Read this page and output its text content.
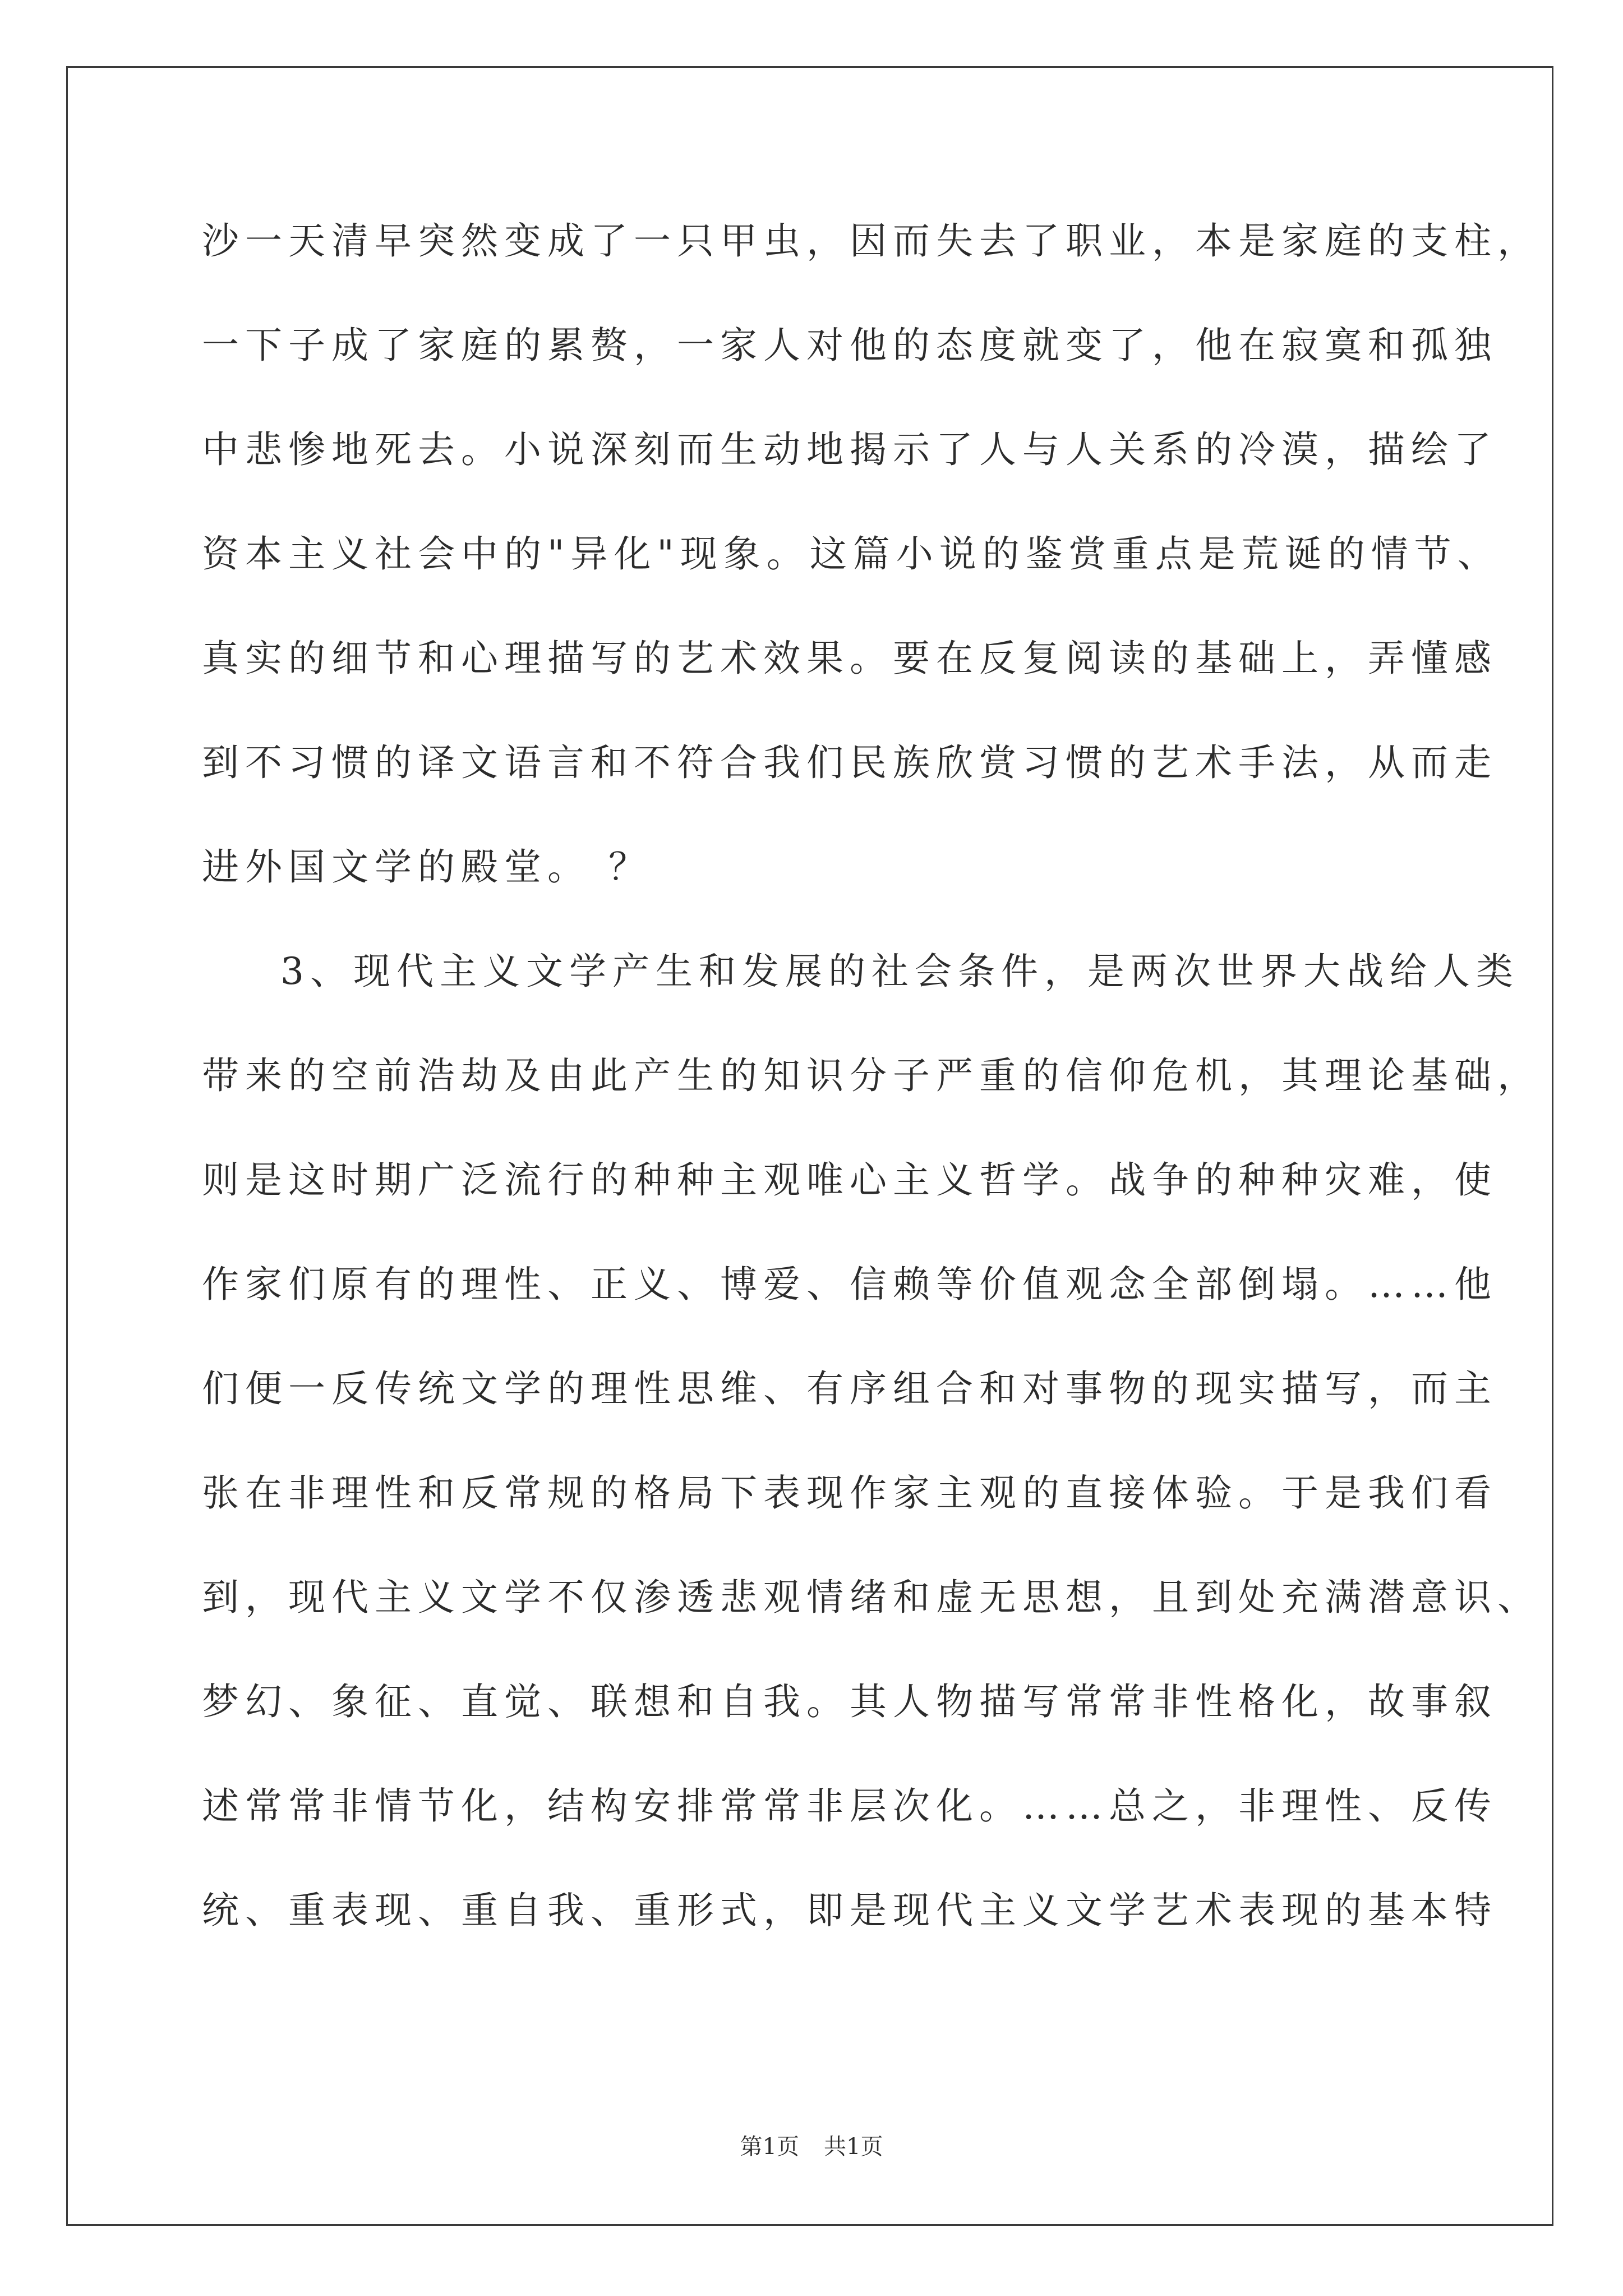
沙一天清早突然变成了一只甲虫，因而失去了职业，本是家庭的支柱，
一下子成了家庭的累赘，一家人对他的态度就变了，他在寂寞和孤独
中悲惨地死去。小说深刻而生动地揭示了人与人关系的冷漠，描绘了
资本主义社会中的"异化"现象。这篇小说的鉴赏重点是荒诞的情节、
真实的细节和心理描写的艺术效果。要在反复阅读的基础上，弄懂感
到不习惯的译文语言和不符合我们民族欣赏习惯的艺术手法，从而走
进外国文学的殿堂。 ？
3、现代主义文学产生和发展的社会条件，是两次世界大战给人类
带来的空前浩劫及由此产生的知识分子严重的信仰危机，其理论基础，
则是这时期广泛流行的种种主观唯心主义哲学。战争的种种灾难，使
作家们原有的理性、正义、博爱、信赖等价值观念全部倒塌。……他
们便一反传统文学的理性思维、有序组合和对事物的现实描写，而主
张在非理性和反常规的格局下表现作家主观的直接体验。于是我们看
到，现代主义文学不仅渗透悲观情绪和虚无思想，且到处充满潜意识、
梦幻、象征、直觉、联想和自我。其人物描写常常非性格化，故事叙
述常常非情节化，结构安排常常非层次化。……总之，非理性、反传
统、重表现、重自我、重形式，即是现代主义文学艺术表现的基本特
第1页 共1页
